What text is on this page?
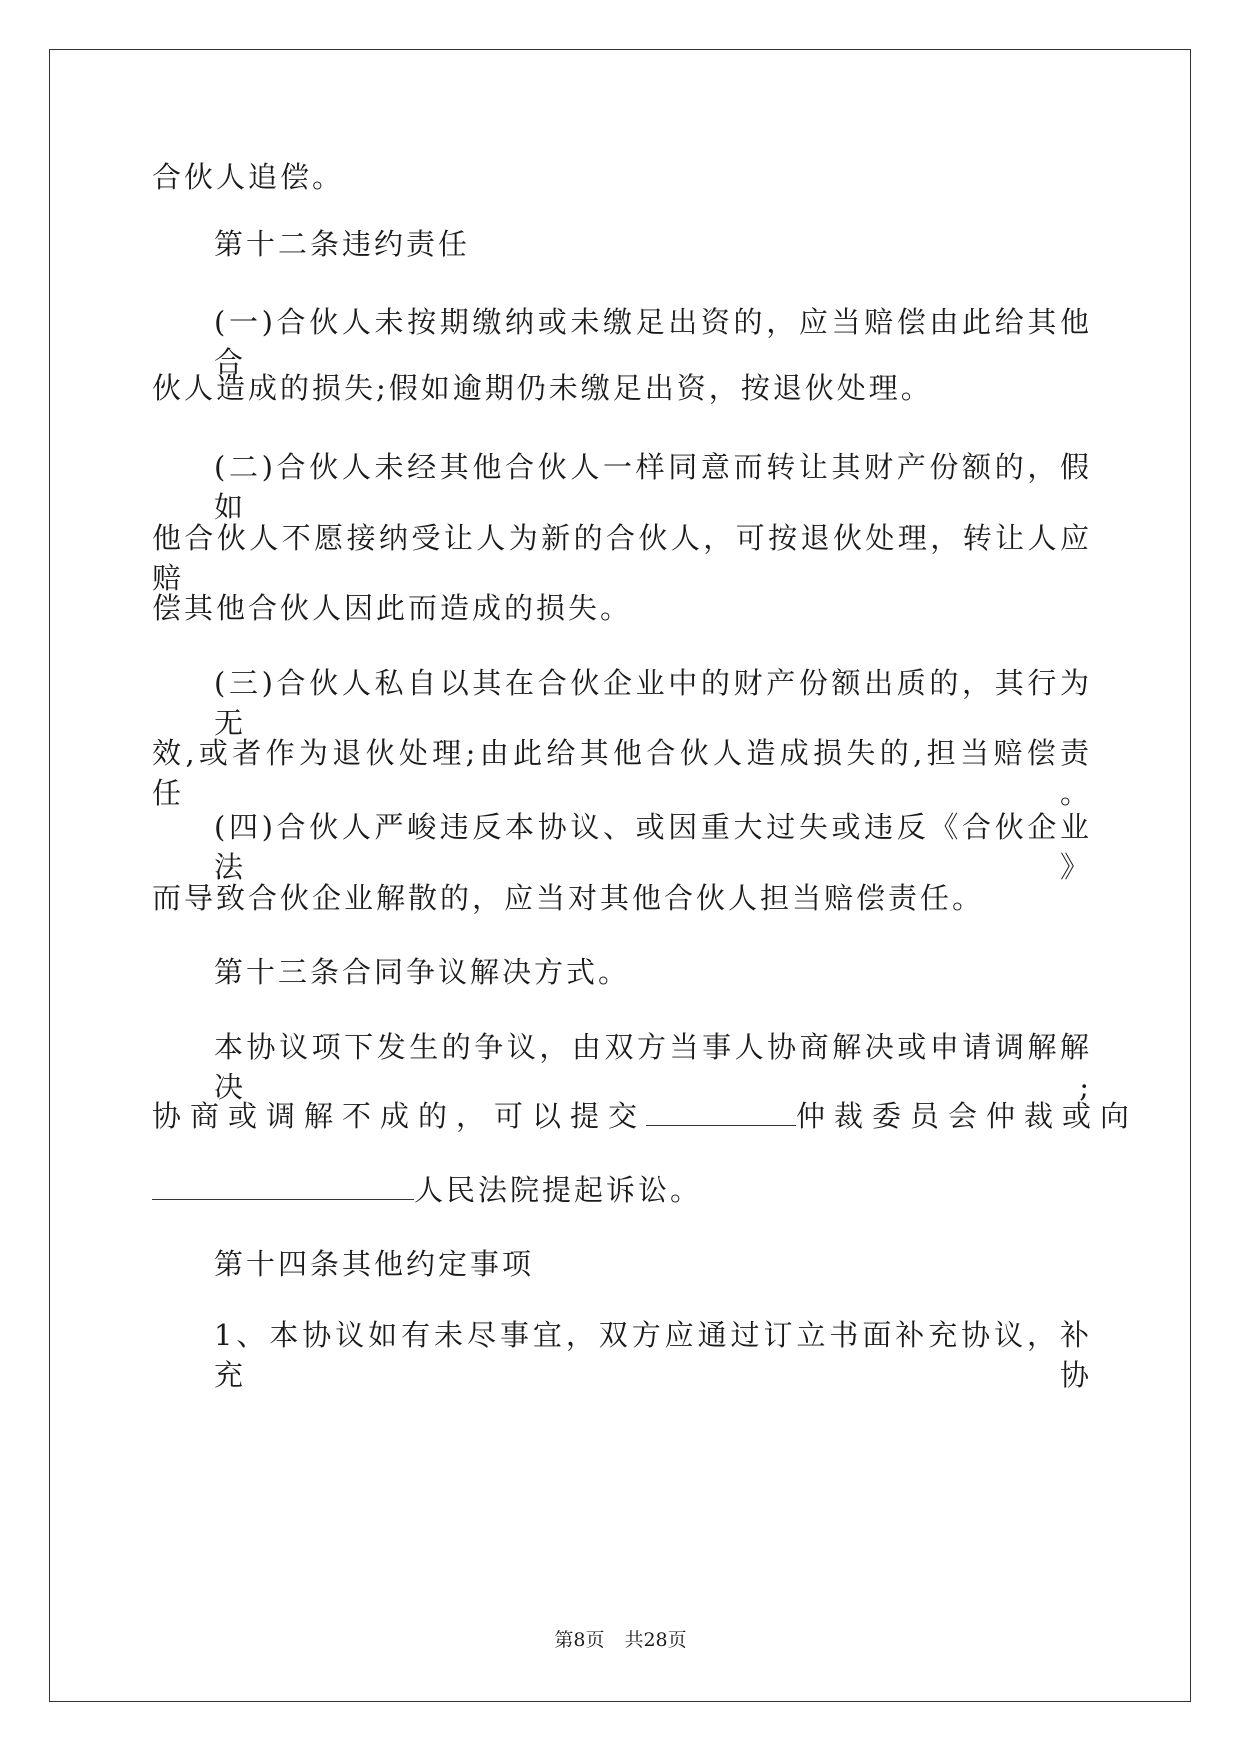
合伙人追偿。
第十二条违约责任
(一)合伙人未按期缴纳或未缴足出资的，应当赔偿由此给其他合
伙人造成的损失;假如逾期仍未缴足出资，按退伙处理。
(二)合伙人未经其他合伙人一样同意而转让其财产份额的，假如
他合伙人不愿接纳受让人为新的合伙人，可按退伙处理，转让人应赔
偿其他合伙人因此而造成的损失。
(三)合伙人私自以其在合伙企业中的财产份额出质的，其行为无
效,或者作为退伙处理;由此给其他合伙人造成损失的,担当赔偿责任。
(四)合伙人严峻违反本协议、或因重大过失或违反《合伙企业法》
而导致合伙企业解散的，应当对其他合伙人担当赔偿责任。
第十三条合同争议解决方式。
本协议项下发生的争议，由双方当事人协商解决或申请调解解决;
协商或调解不成的，可以提交	仲裁委员会仲裁或向
人民法院提起诉讼。
第十四条其他约定事项
1、本协议如有未尽事宜，双方应通过订立书面补充协议，补充协
第8页 共28页
